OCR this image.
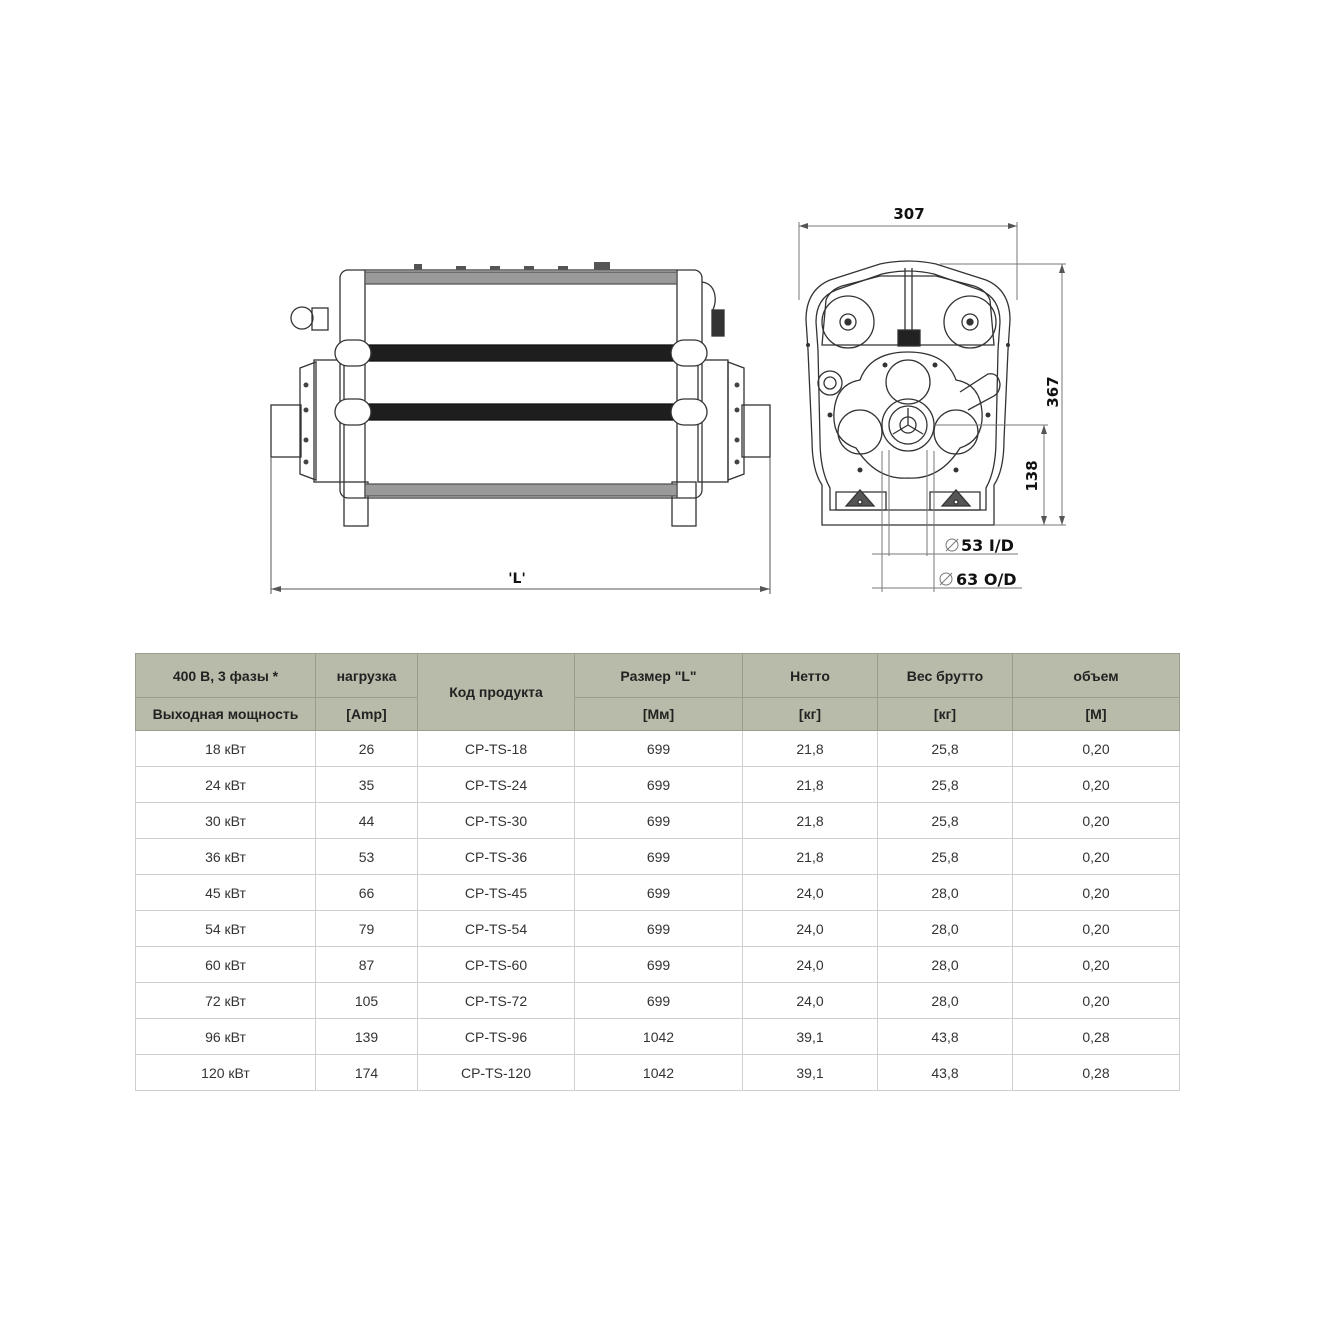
'L'
307
367
138
53 I/D
63 O/D
400 В, 3 фазы *	нагрузка	Код продукта	Размер "L"	Нетто	Вес брутто	объем
Выходная мощность	[Amp]		[Мм]	[кг]	[кг]	[M]
18 кВт	26	CP-TS-18	699	21,8	25,8	0,20
24 кВт	35	CP-TS-24	699	21,8	25,8	0,20
30 кВт	44	CP-TS-30	699	21,8	25,8	0,20
36 кВт	53	CP-TS-36	699	21,8	25,8	0,20
45 кВт	66	CP-TS-45	699	24,0	28,0	0,20
54 кВт	79	CP-TS-54	699	24,0	28,0	0,20
60 кВт	87	CP-TS-60	699	24,0	28,0	0,20
72 кВт	105	CP-TS-72	699	24,0	28,0	0,20
96 кВт	139	CP-TS-96	1042	39,1	43,8	0,28
120 кВт	174	CP-TS-120	1042	39,1	43,8	0,28
